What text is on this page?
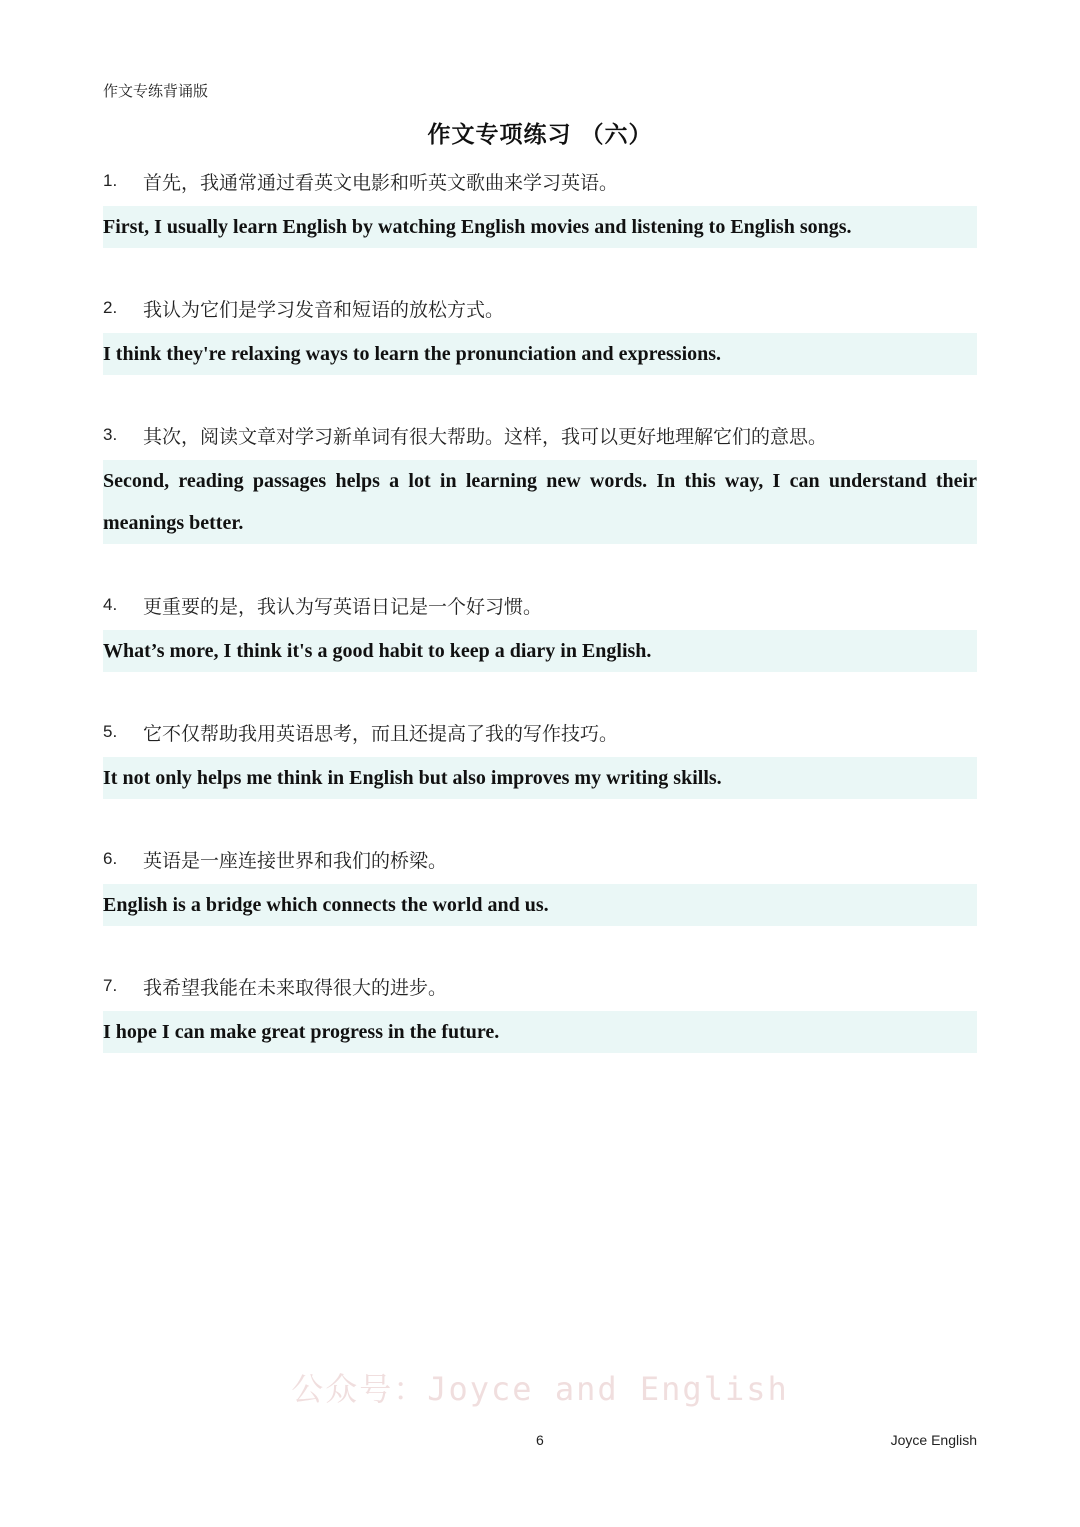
作文专练背诵版
作文专项练习 （六）
1.	首先，我通常通过看英文电影和听英文歌曲来学习英语。
First, I usually learn English by watching English movies and listening to English songs.
2.	我认为它们是学习发音和短语的放松方式。
I think they're relaxing ways to learn the pronunciation and expressions.
3.	其次，阅读文章对学习新单词有很大帮助。这样，我可以更好地理解它们的意思。
Second, reading passages helps a lot in learning new words. In this way, I can understand their meanings better.
4.	更重要的是，我认为写英语日记是一个好习惯。
What’s more, I think it's a good habit to keep a diary in English.
5.	它不仅帮助我用英语思考，而且还提高了我的写作技巧。
It not only helps me think in English but also improves my writing skills.
6.	英语是一座连接世界和我们的桥梁。
English is a bridge which connects the world and us.
7.	我希望我能在未来取得很大的进步。
I hope I can make great progress in the future.
公众号：Joyce and English
6	Joyce English
